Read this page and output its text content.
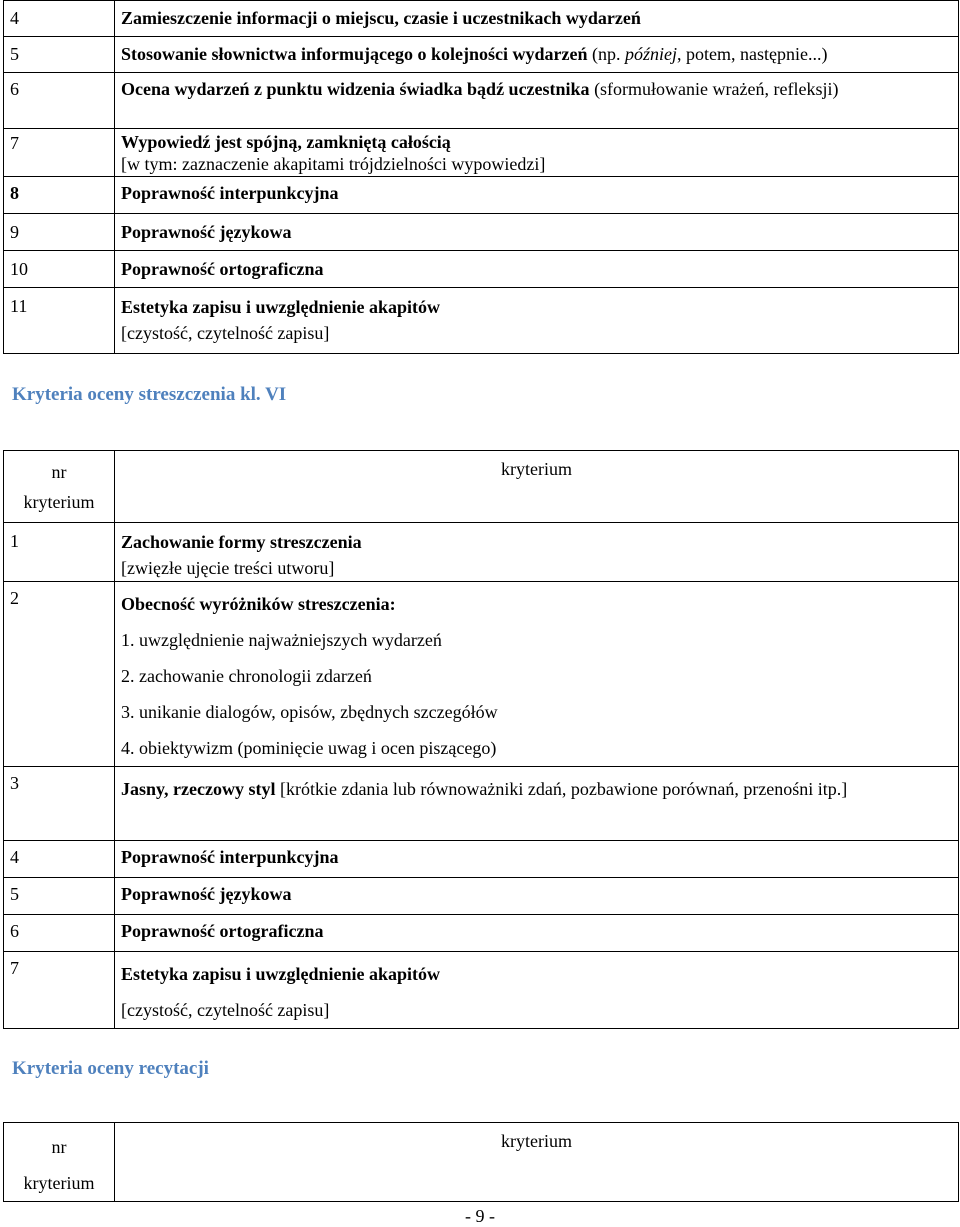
4	Zamieszczenie informacji o miejscu, czasie i uczestnikach wydarzeń
5	Stosowanie słownictwa informującego o kolejności wydarzeń (np. później, potem, następnie...)
6	Ocena wydarzeń z punktu widzenia świadka bądź uczestnika (sformułowanie wrażeń, refleksji)
7	Wypowiedź jest spójną, zamkniętą całością
[w tym: zaznaczenie akapitami trójdzielności wypowiedzi]
8	Poprawność interpunkcyjna
9	Poprawność językowa
10	Poprawność ortograficzna
11	Estetyka zapisu i uwzględnienie akapitów
[czystość, czytelność zapisu]
Kryteria oceny streszczenia kl. VI
nr
kryterium	kryterium
1	Zachowanie formy streszczenia
[zwięzłe ujęcie treści utworu]
2	Obecność wyróżników streszczenia:
1. uwzględnienie najważniejszych wydarzeń
2. zachowanie chronologii zdarzeń
3. unikanie dialogów, opisów, zbędnych szczegółów
4. obiektywizm (pominięcie uwag i ocen piszącego)
3	Jasny, rzeczowy styl [krótkie zdania lub równoważniki zdań, pozbawione porównań, przenośni itp.]
4	Poprawność interpunkcyjna
5	Poprawność językowa
6	Poprawność ortograficzna
7	Estetyka zapisu i uwzględnienie akapitów
[czystość, czytelność zapisu]
Kryteria oceny recytacji
nr
kryterium	kryterium
- 9 -
